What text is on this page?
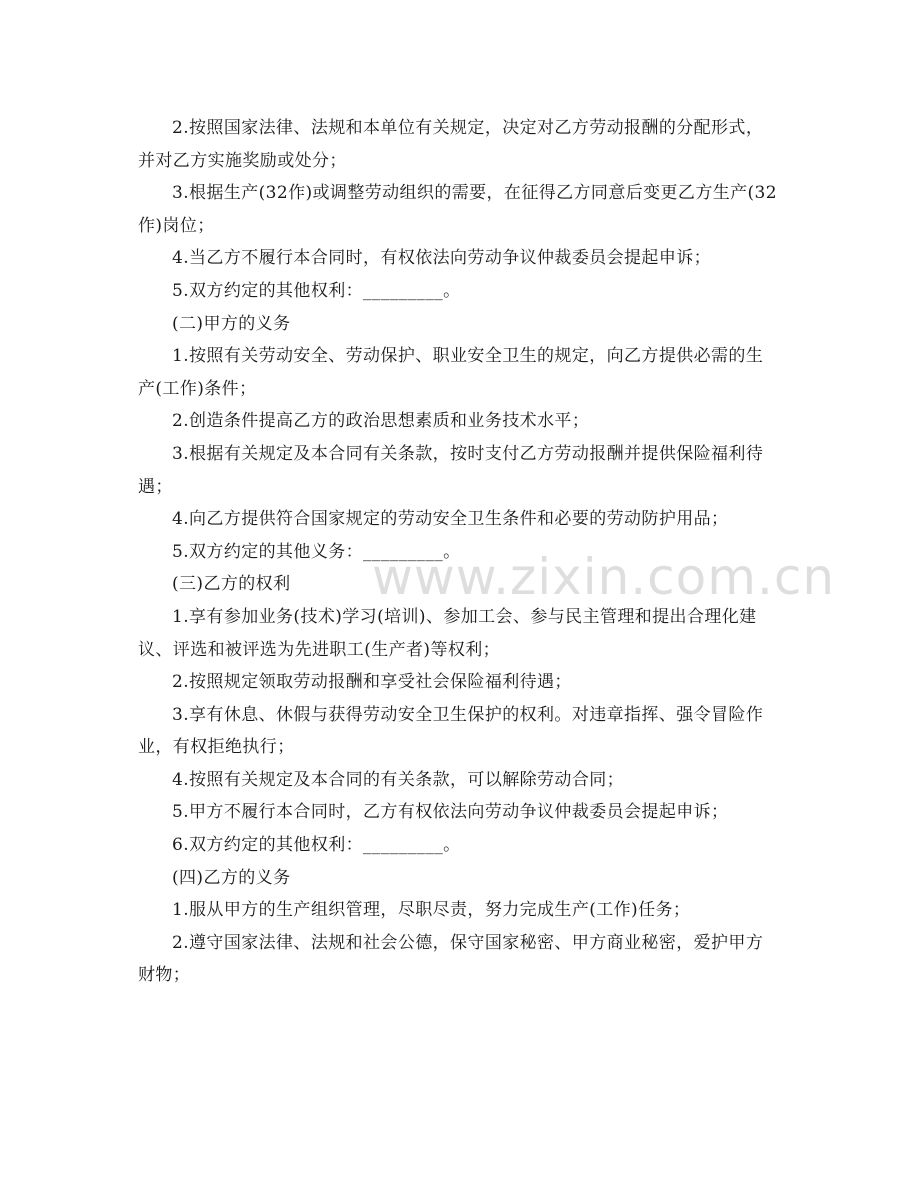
2.按照国家法律、法规和本单位有关规定，决定对乙方劳动报酬的分配形式，并对乙方实施奖励或处分；

3.根据生产(32作)或调整劳动组织的需要，在征得乙方同意后变更乙方生产(32作)岗位；

4.当乙方不履行本合同时，有权依法向劳动争议仲裁委员会提起申诉；

5.双方约定的其他权利：_________。

(二)甲方的义务

1.按照有关劳动安全、劳动保护、职业安全卫生的规定，向乙方提供必需的生产(工作)条件；

2.创造条件提高乙方的政治思想素质和业务技术水平；

3.根据有关规定及本合同有关条款，按时支付乙方劳动报酬并提供保险福利待遇；

4.向乙方提供符合国家规定的劳动安全卫生条件和必要的劳动防护用品；

5.双方约定的其他义务：_________。

(三)乙方的权利

1.享有参加业务(技术)学习(培训)、参加工会、参与民主管理和提出合理化建议、评选和被评选为先进职工(生产者)等权利；

2.按照规定领取劳动报酬和享受社会保险福利待遇；

3.享有休息、休假与获得劳动安全卫生保护的权利。对违章指挥、强令冒险作业，有权拒绝执行；

4.按照有关规定及本合同的有关条款，可以解除劳动合同；

5.甲方不履行本合同时，乙方有权依法向劳动争议仲裁委员会提起申诉；

6.双方约定的其他权利：_________。

(四)乙方的义务

1.服从甲方的生产组织管理，尽职尽责，努力完成生产(工作)任务；

2.遵守国家法律、法规和社会公德，保守国家秘密、甲方商业秘密，爱护甲方财物；

www.zixin.com.cn
